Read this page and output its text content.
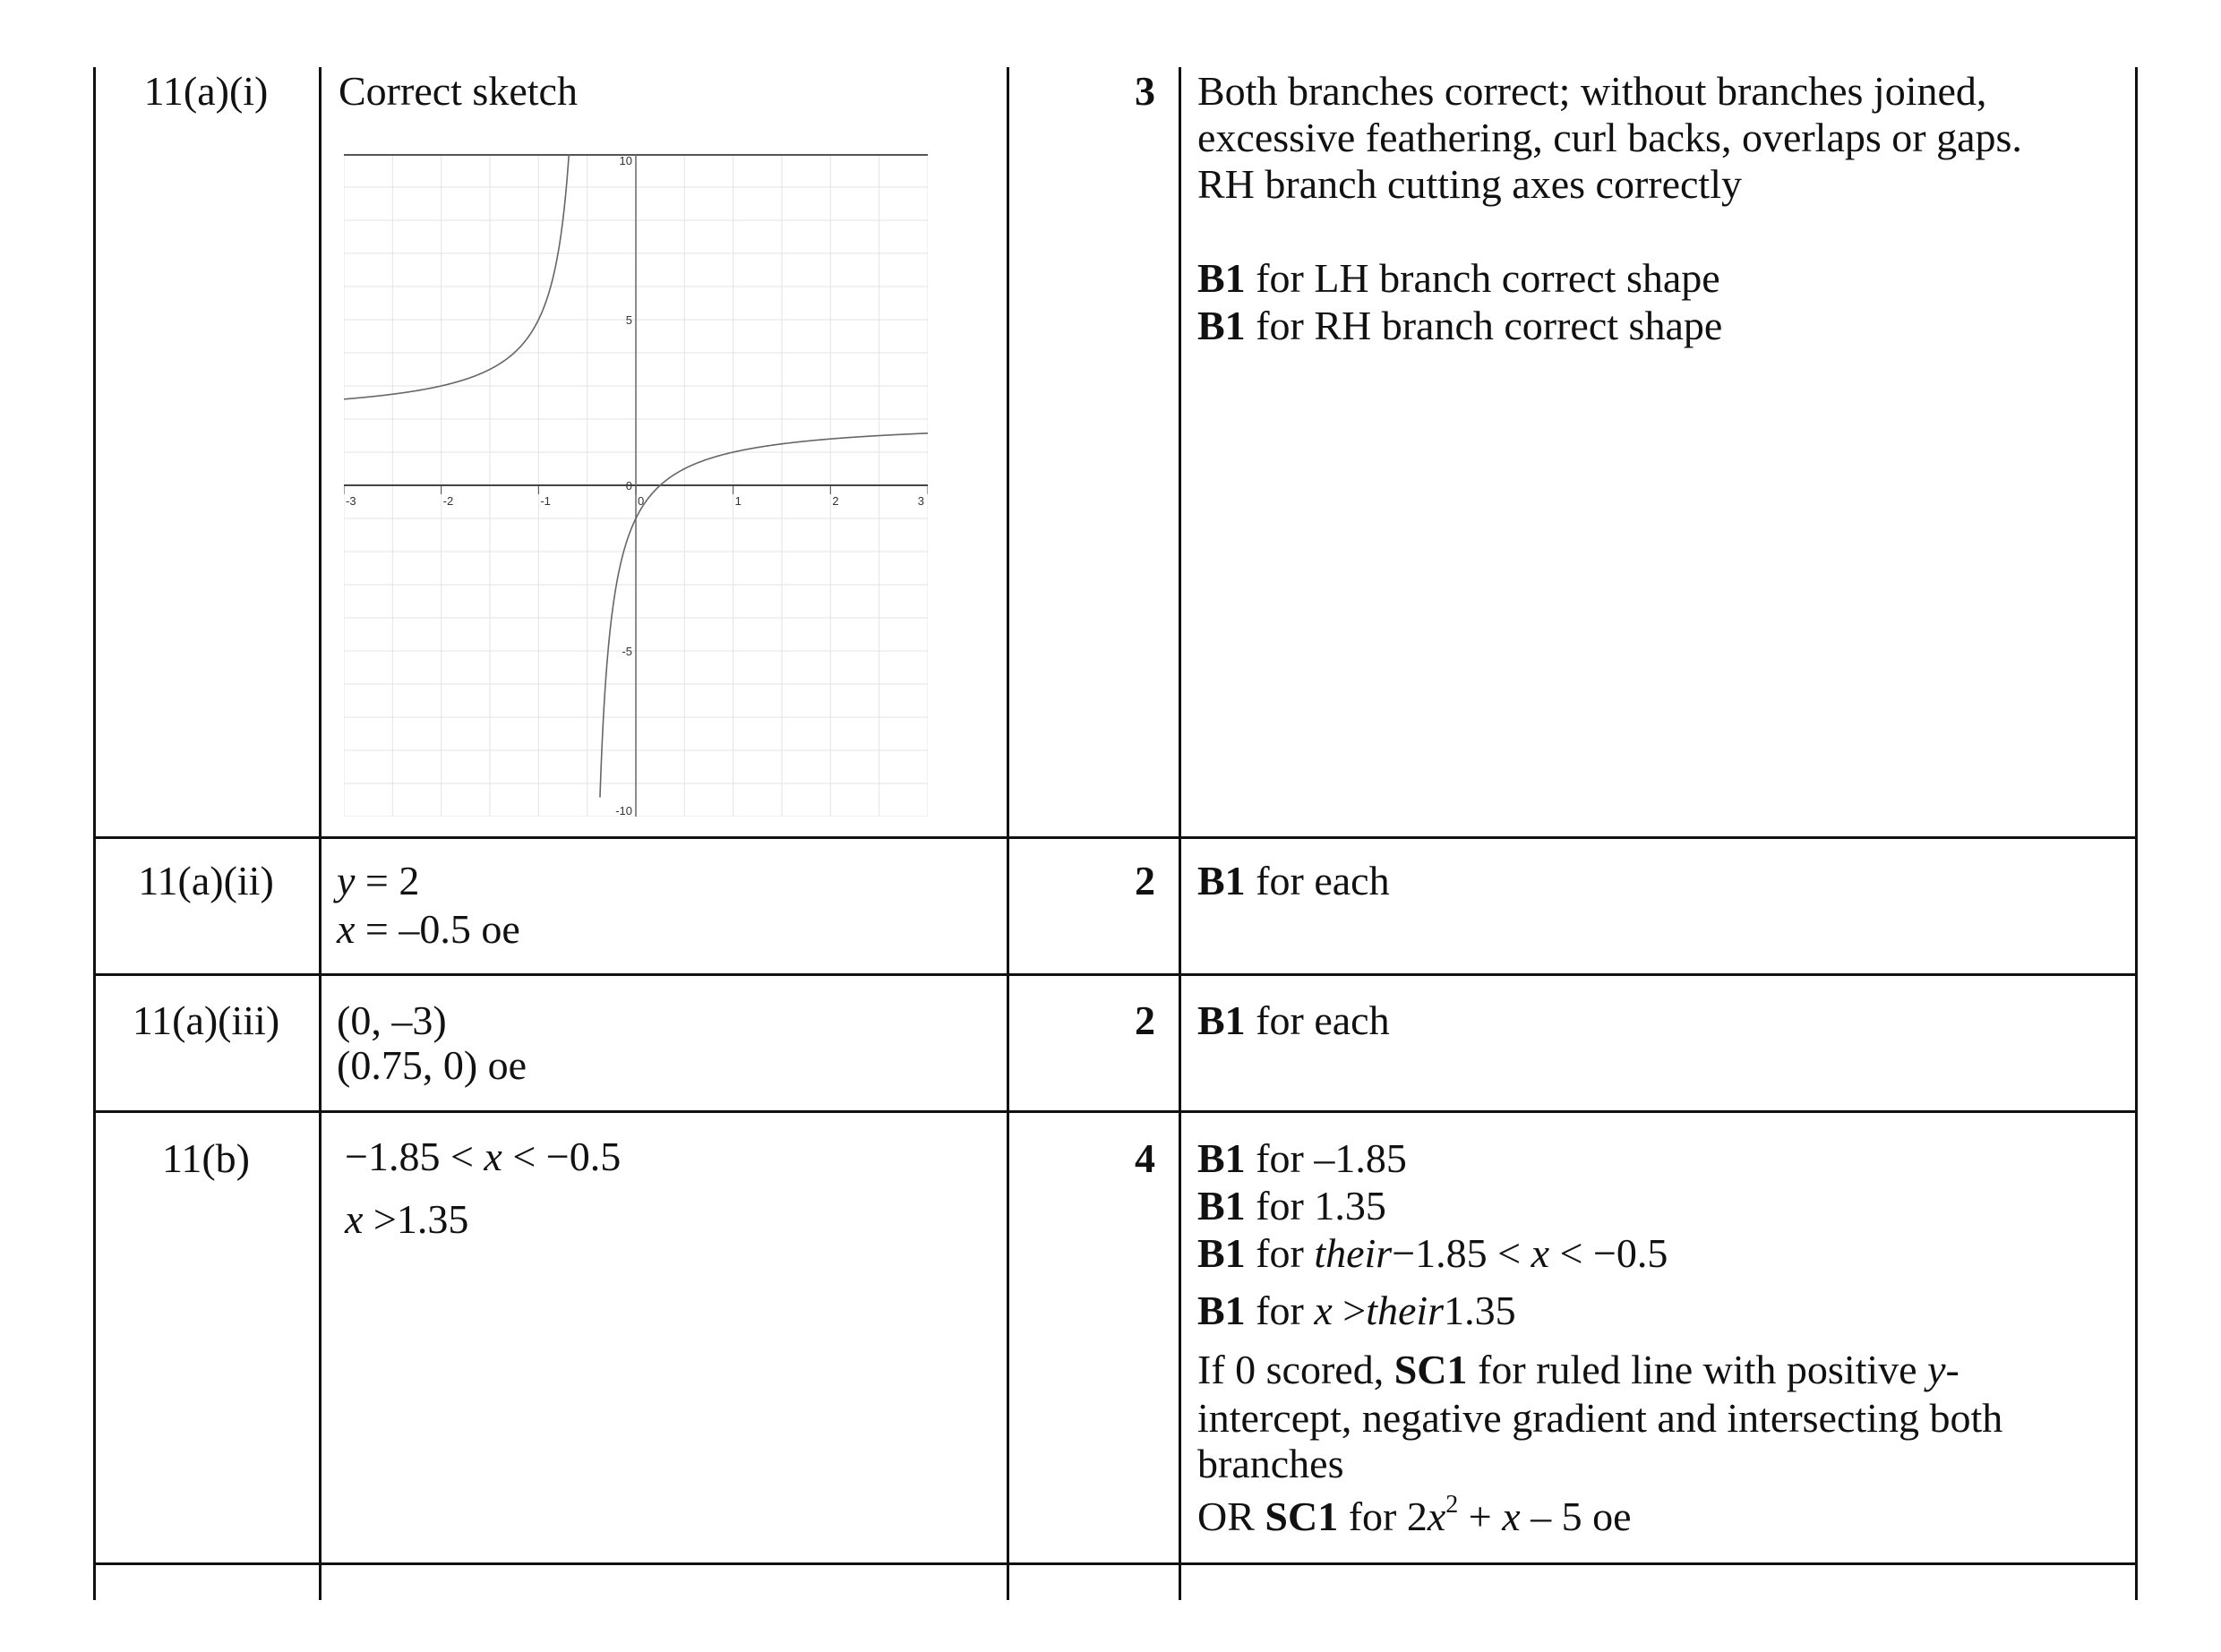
11(a)(i)	Correct sketch	3 Both branches correct; without branches joined,
excessive feathering, curl backs, overlaps or gaps.
RH branch cutting axes correctly
B1 for LH branch correct shape
B1 for RH branch correct shape
-3	-2	-1	0	1	2	3
10
5
0
-5
-10
11(a)(ii)	y = 2
x = –0.5 oe
2 B1 for each
11(a)(iii)	(0, –3)
(0.75, 0) oe
2 B1 for each
11(b)	−1.85 < x < −0.5
x >1.35
4 B1 for –1.85
B1 for 1.35
B1 for their−1.85 < x < −0.5
B1 for x >their1.35
If 0 scored, SC1 for ruled line with positive y-
intercept, negative gradient and intersecting both
branches
OR SC1 for $2x^2 + x - 5$ oe
